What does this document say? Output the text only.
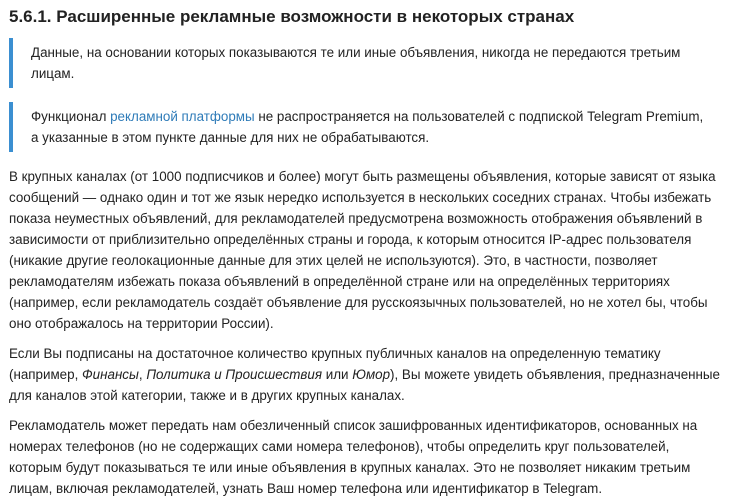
5.6.1. Расширенные рекламные возможности в некоторых странах
Данные, на основании которых показываются те или иные объявления, никогда не передаются третьим
лицам.
Функционал рекламной платформы не распространяется на пользователей с подпиской Telegram Premium,
а указанные в этом пункте данные для них не обрабатываются.

В крупных каналах (от 1000 подписчиков и более) могут быть размещены объявления, которые зависят от языка
сообщений — однако один и тот же язык нередко используется в нескольких соседних странах. Чтобы избежать
показа неуместных объявлений, для рекламодателей предусмотрена возможность отображения объявлений в
зависимости от приблизительно определённых страны и города, к которым относится IP-адрес пользователя
(никакие другие геолокационные данные для этих целей не используются). Это, в частности, позволяет
рекламодателям избежать показа объявлений в определённой стране или на определённых территориях
(например, если рекламодатель создаёт объявление для русскоязычных пользователей, но не хотел бы, чтобы
оно отображалось на территории России).

Если Вы подписаны на достаточное количество крупных публичных каналов на определенную тематику
(например, Финансы, Политика и Происшествия или Юмор), Вы можете увидеть объявления, предназначенные
для каналов этой категории, также и в других крупных каналах.

Рекламодатель может передать нам обезличенный список зашифрованных идентификаторов, основанных на
номерах телефонов (но не содержащих сами номера телефонов), чтобы определить круг пользователей,
которым будут показываться те или иные объявления в крупных каналах. Это не позволяет никаким третьим
лицам, включая рекламодателей, узнать Ваш номер телефона или идентификатор в Telegram.
